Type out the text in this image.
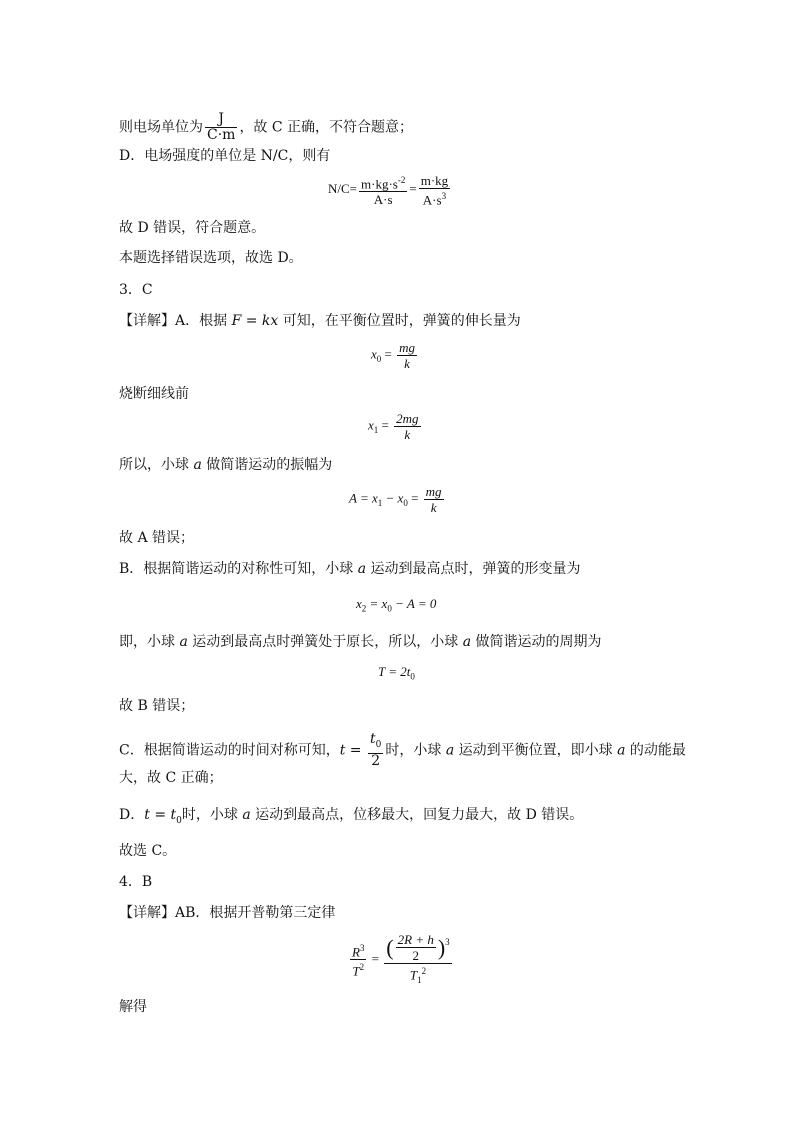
则电场单位为 $\frac{J}{C\cdot m}$ ，故 C 正确，不符合题意；
D．电场强度的单位是 N/C，则有
$N/C= \frac{m\cdot kg\cdot s^{-2}}{A\cdot s} = \frac{m\cdot kg}{A\cdot s^3}$
故 D 错误，符合题意。
本题选择错误选项，故选 D。
3．C
【详解】A．根据 F = kx 可知，在平衡位置时，弹簧的伸长量为
$x_0 = \frac{mg}{k}$
烧断细线前
$x_1 = \frac{2mg}{k}$
所以，小球 a 做简谐运动的振幅为
$A = x_1 - x_0 = \frac{mg}{k}$
故 A 错误；
B．根据简谐运动的对称性可知，小球 a 运动到最高点时，弹簧的形变量为
$x_2 = x_0 - A = 0$
即，小球 a 运动到最高点时弹簧处于原长，所以，小球 a 做简谐运动的周期为
$T = 2t_0$
故 B 错误；
C．根据简谐运动的时间对称可知，$t = \frac{t_0}{2}$ 时，小球 a 运动到平衡位置，即小球 a 的动能最
大，故 C 正确；
D．$t = t_0$时，小球 a 运动到最高点，位移最大，回复力最大，故 D 错误。
故选 C。
4．B
【详解】AB．根据开普勒第三定律
$\frac{R^3}{T^2} = \frac{( \frac{2R + h}{2} )^3}{T_1^2}$
解得
